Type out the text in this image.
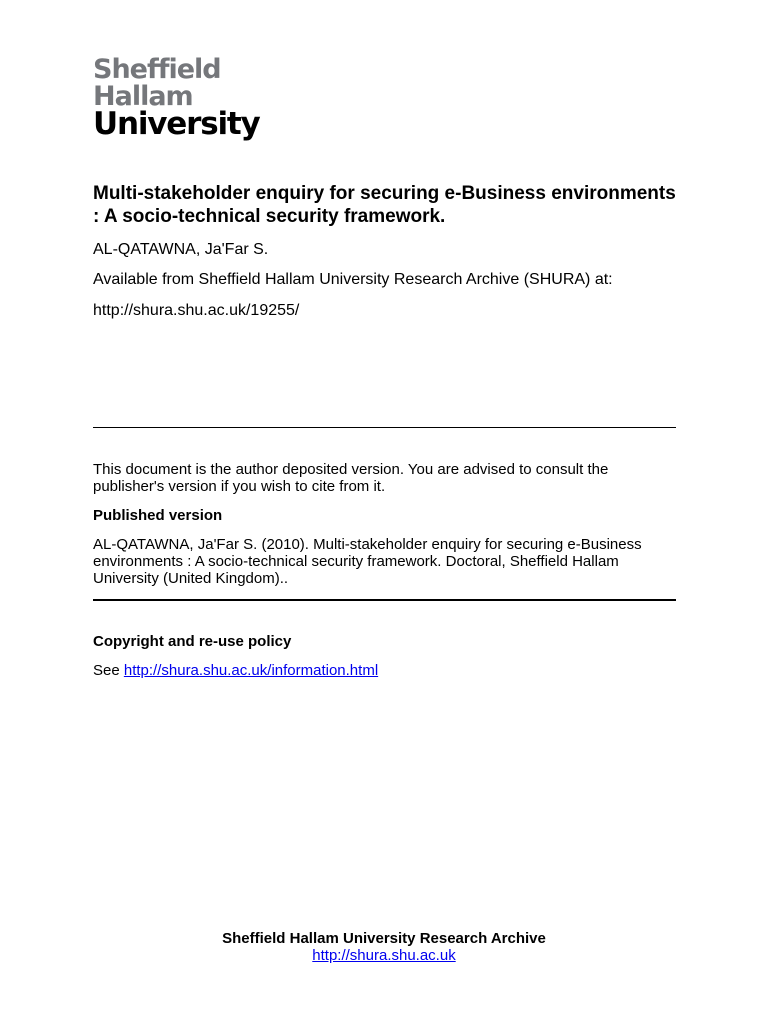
Sheffield
Hallam
University
Multi-stakeholder enquiry for securing e-Business environments : A socio-technical security framework.
AL-QATAWNA, Ja'Far S.
Available from Sheffield Hallam University Research Archive (SHURA) at:
http://shura.shu.ac.uk/19255/

This document is the author deposited version. You are advised to consult the publisher's version if you wish to cite from it.

Published version

AL-QATAWNA, Ja'Far S. (2010). Multi-stakeholder enquiry for securing e-Business environments : A socio-technical security framework. Doctoral, Sheffield Hallam University (United Kingdom)..

Copyright and re-use policy
See http://shura.shu.ac.uk/information.html
Sheffield Hallam University Research Archive
http://shura.shu.ac.uk
